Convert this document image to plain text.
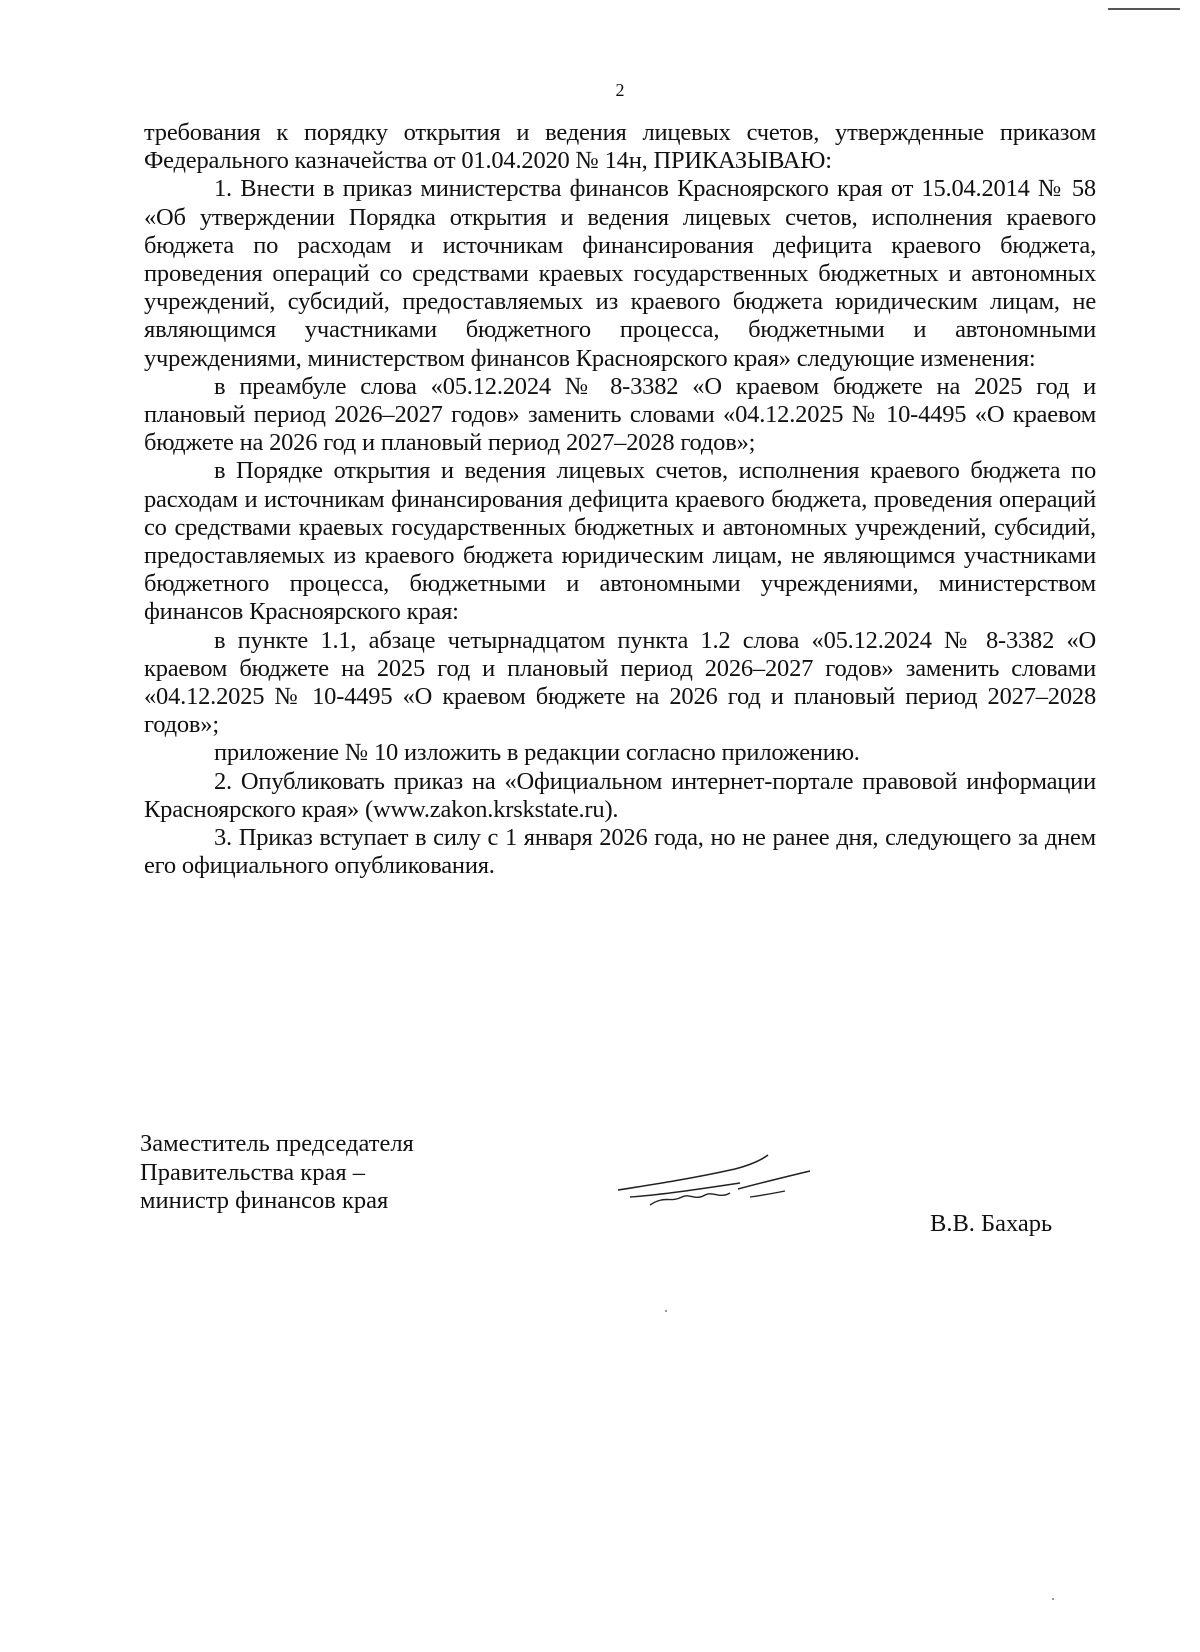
2

требования к порядку открытия и ведения лицевых счетов, утвержденные приказом Федерального казначейства от 01.04.2020 № 14н, ПРИКАЗЫВАЮ:

1. Внести в приказ министерства финансов Красноярского края от 15.04.2014 № 58 «Об утверждении Порядка открытия и ведения лицевых счетов, исполнения краевого бюджета по расходам и источникам финансирования дефицита краевого бюджета, проведения операций со средствами краевых государственных бюджетных и автономных учреждений, субсидий, предоставляемых из краевого бюджета юридическим лицам, не являющимся участниками бюджетного процесса, бюджетными и автономными учреждениями, министерством финансов Красноярского края» следующие изменения:

в преамбуле слова «05.12.2024 № 8-3382 «О краевом бюджете на 2025 год и плановый период 2026–2027 годов» заменить словами «04.12.2025 № 10-4495 «О краевом бюджете на 2026 год и плановый период 2027–2028 годов»;

в Порядке открытия и ведения лицевых счетов, исполнения краевого бюджета по расходам и источникам финансирования дефицита краевого бюджета, проведения операций со средствами краевых государственных бюджетных и автономных учреждений, субсидий, предоставляемых из краевого бюджета юридическим лицам, не являющимся участниками бюджетного процесса, бюджетными и автономными учреждениями, министерством финансов Красноярского края:

в пункте 1.1, абзаце четырнадцатом пункта 1.2 слова «05.12.2024 № 8-3382 «О краевом бюджете на 2025 год и плановый период 2026–2027 годов» заменить словами «04.12.2025 № 10-4495 «О краевом бюджете на 2026 год и плановый период 2027–2028 годов»;

приложение № 10 изложить в редакции согласно приложению.

2. Опубликовать приказ на «Официальном интернет-портале правовой информации Красноярского края» (www.zakon.krskstate.ru).

3. Приказ вступает в силу с 1 января 2026 года, но не ранее дня, следующего за днем его официального опубликования.

Заместитель председателя
Правительства края –
министр финансов края
В.В. Бахарь
